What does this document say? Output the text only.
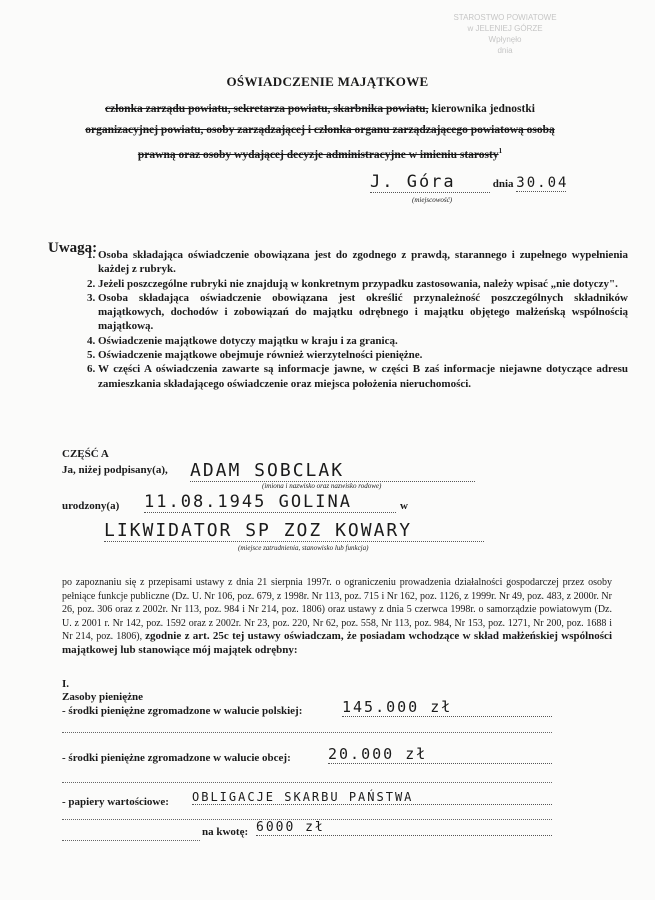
STAROSTWO POWIATOWE
w JELENIEJ GÓRZE
Wpłynęło
dnia
OŚWIADCZENIE MAJĄTKOWE
członka zarządu powiatu, sekretarza powiatu, skarbnika powiatu, kierownika jednostki
organizacyjnej powiatu, osoby zarządzającej i członka organu zarządzającego powiatową osobą
prawną oraz osoby wydającej decyzje administracyjne w imieniu starosty$^1$
J. Góra	dnia 30.04
(miejscowość)
Uwaga:
1. Osoba składająca oświadczenie obowiązana jest do zgodnego z prawdą, starannego i zupełnego wypełnienia każdej z rubryk.
2. Jeżeli poszczególne rubryki nie znajdują w konkretnym przypadku zastosowania, należy wpisać „nie dotyczy".
3. Osoba składająca oświadczenie obowiązana jest określić przynależność poszczególnych składników majątkowych, dochodów i zobowiązań do majątku odrębnego i majątku objętego małżeńską wspólnością majątkową.
4. Oświadczenie majątkowe dotyczy majątku w kraju i za granicą.
5. Oświadczenie majątkowe obejmuje również wierzytelności pieniężne.
6. W części A oświadczenia zawarte są informacje jawne, w części B zaś informacje niejawne dotyczące adresu zamieszkania składającego oświadczenie oraz miejsca położenia nieruchomości.
CZĘŚĆ A
Ja, niżej podpisany(a), ADAM SOBCLAK
(imiona i nazwisko oraz nazwisko rodowe)
urodzony(a) 11.08.1945 GOLINA	w
LIKWIDATOR SP ZOZ KOWARY
(miejsce zatrudnienia, stanowisko lub funkcja)
po zapoznaniu się z przepisami ustawy z dnia 21 sierpnia 1997r. o ograniczeniu prowadzenia działalności gospodarczej przez osoby pełniące funkcje publiczne (Dz. U. Nr 106, poz. 679, z 1998r. Nr 113, poz. 715 i Nr 162, poz. 1126, z 1999r. Nr 49, poz. 483, z 2000r. Nr 26, poz. 306 oraz z 2002r. Nr 113, poz. 984 i Nr 214, poz. 1806) oraz ustawy z dnia 5 czerwca 1998r. o samorządzie powiatowym (Dz. U. z 2001 r. Nr 142, poz. 1592 oraz z 2002r. Nr 23, poz. 220, Nr 62, poz. 558, Nr 113, poz. 984, Nr 153, poz. 1271, Nr 200, poz. 1688 i Nr 214, poz. 1806), zgodnie z art. 25c tej ustawy oświadczam, że posiadam wchodzące w skład małżeńskiej wspólności majątkowej lub stanowiące mój majątek odrębny:
I.
Zasoby pieniężne
- środki pieniężne zgromadzone w walucie polskiej:	145.000 zł
- środki pieniężne zgromadzone w walucie obcej: 20.000 zł
- papiery wartościowe: OBLIGACJE SKARBU PAŃSTWA
na kwotę: 6000 zł
